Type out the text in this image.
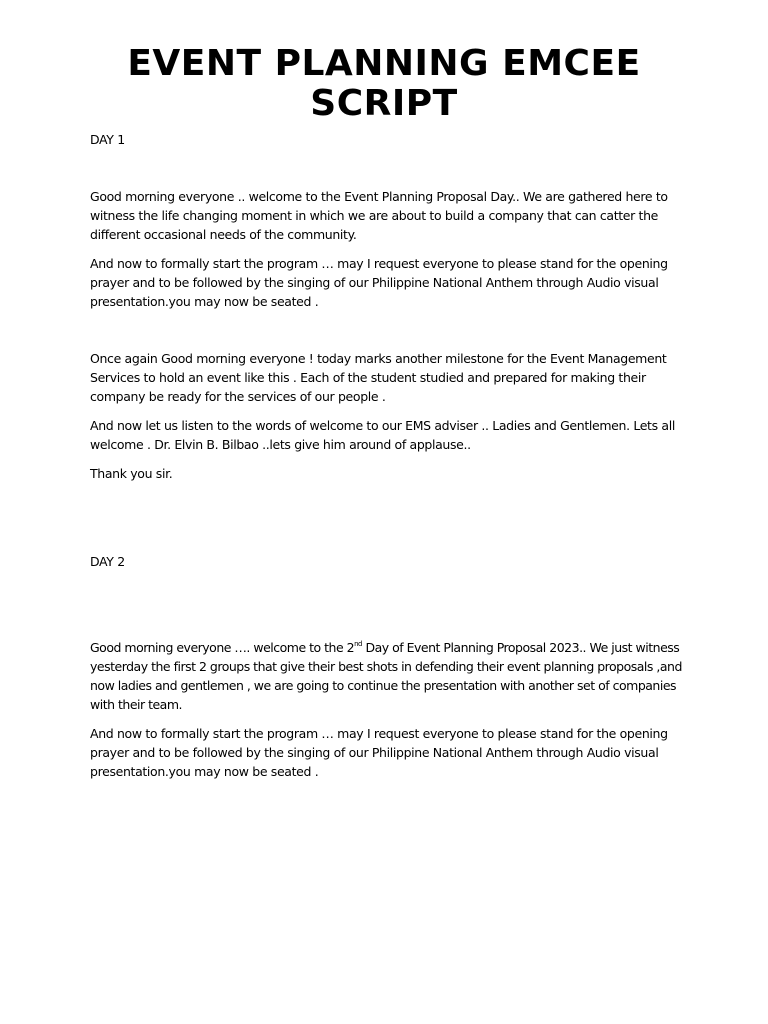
EVENT PLANNING EMCEE SCRIPT

DAY 1

Good morning everyone .. welcome to the Event Planning Proposal Day.. We are gathered here to witness the life changing moment in which we are about to build a company that can catter the different occasional needs of the community.

And now to formally start the program … may I request everyone to please stand for the opening prayer and to be followed by the singing of our Philippine National Anthem through Audio visual presentation.you may now be seated .

Once again Good morning everyone ! today marks another milestone for the Event Management Services to hold an event like this . Each of the student studied and prepared for making their company be ready for the services of our people .

And now let us listen to the words of welcome to our EMS adviser .. Ladies and Gentlemen. Lets all welcome . Dr. Elvin B. Bilbao ..lets give him around of applause..

Thank you sir.

DAY 2

Good morning everyone …. welcome to the 2nd Day of Event Planning Proposal 2023.. We just witness yesterday the first 2 groups that give their best shots in defending their event planning proposals ,and now ladies and gentlemen , we are going to continue the presentation with another set of companies with their team.

And now to formally start the program … may I request everyone to please stand for the opening prayer and to be followed by the singing of our Philippine National Anthem through Audio visual presentation.you may now be seated .
